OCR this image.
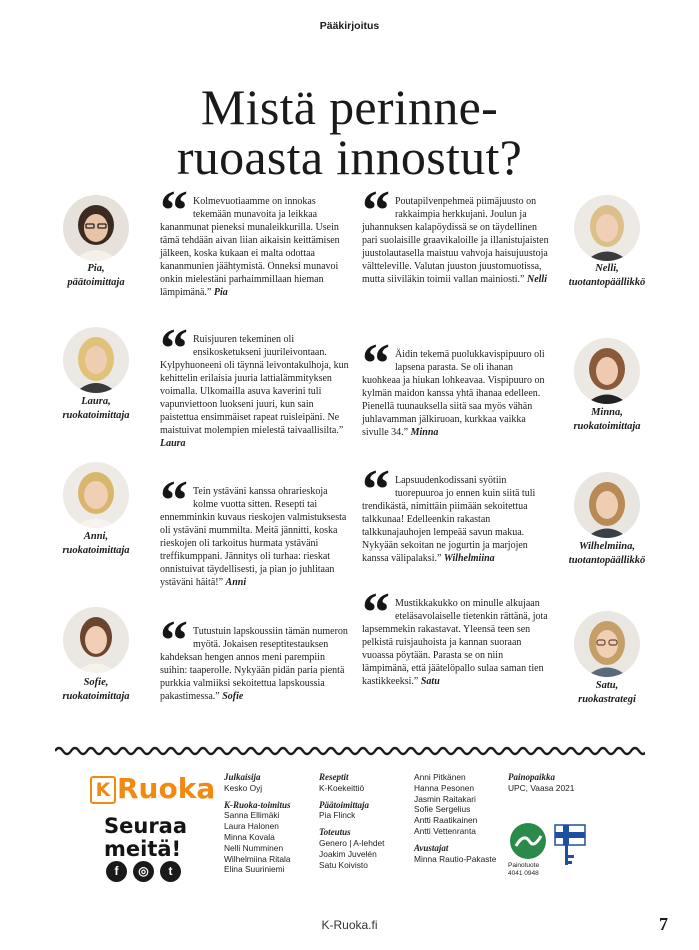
Pääkirjoitus
Mistä perinne-
ruoasta innostut?
Pia,
päätoimittaja
Laura,
ruokatoimittaja
Anni,
ruokatoimittaja
Sofie,
ruokatoimittaja
Nelli,
tuotantopäällikkö
Minna,
ruokatoimittaja
Wilhelmiina,
tuotantopäällikkö
Satu,
ruokastrategi
“ Kolmevuotiaamme on innokas tekemään munavoita ja leikkaa kananmunat pieneksi munaleikkurilla. Usein tämä tehdään aivan liian aikaisin keittämisen jälkeen, koska kukaan ei malta odottaa kananmunien jäähtymistä. Onneksi munavoi onkin mielestäni parhaimmillaan hieman lämpimänä.” Pia
“ Ruisjuuren tekeminen oli ensikosketukseni juurileivontaan. Kylpyhuoneeni oli täynnä leivontakulhoja, kun kehittelin erilaisia juuria lattialämmityksen voimalla. Ulkomailla asuva kaverini tuli vapunviettoon luokseni juuri, kun sain paistettua ensimmäiset rapeat ruisleipäni. Ne maistuivat molempien mielestä taivaallisilta.” Laura
“ Tein ystäväni kanssa ohrarieskoja kolme vuotta sitten. Resepti tai ennemminkin kuvaus rieskojen valmistuksesta oli ystäväni mummilta. Meitä jännitti, koska rieskojen oli tarkoitus hurmata ystäväni treffikumppani. Jännitys oli turhaa: rieskat onnistuivat täydellisesti, ja pian jo juhlitaan ystäväni häitä!” Anni
“ Tutustuin lapskoussiin tämän numeron myötä. Jokaisen reseptitestauksen kahdeksan hengen annos meni parempiin suihin: taaperolle. Nykyään pidän paria pientä purkkia valmiiksi sekoitettua lapskoussia pakastimessa.” Sofie
“ Poutapilvenpehmeä piimäjuusto on rakkaimpia herkkujani. Joulun ja juhannuksen kalapöydissä se on täydellinen pari suolaisille graavikaloille ja illanistujaisten juustolautasella maistuu vahvoja haisujuustoja vältteleville. Valutan juuston juustomuotissa, mutta siiviläkin toimii vallan mainiosti.” Nelli
“ Äidin tekemä puolukkavispipuuro oli lapsena parasta. Se oli ihanan kuohkeaa ja hiukan lohkeavaa. Vispipuuro on kylmän maidon kanssa yhtä ihanaa edelleen. Pienellä tuunauksella siitä saa myös vähän juhlavamman jälkiruoan, kurkkaa vaikka sivulle 34.” Minna
“ Lapsuudenkodissani syötiin tuorepuuroa jo ennen kuin siitä tuli trendikästä, nimittäin piimään sekoitettua talkkunaa! Edelleenkin rakastan talkkunajauhojen lempeää savun makua. Nykyään sekoitan ne jogurtin ja marjojen kanssa välipalaksi.” Wilhelmiina
“ Mustikkakukko on minulle alkujaan eteläsavolaiselle tietenkin rättänä, jota lapsemmekin rakastavat. Yleensä teen sen pelkistä ruisjauhoista ja kannan suoraan vuoassa pöytään. Parasta se on niin lämpimänä, että jäätelöpallo sulaa saman tien kastikkeeksi.” Satu
K Ruoka
Seuraa meitä!
f	◎	t
Julkaisija
Kesko Oyj
K-Ruoka-toimitus
Sanna Ellimäki
Laura Halonen
Minna Kovala
Nelli Numminen
Wilhelmiina Ritala
Elina Suuriniemi
Reseptit
K-Koekeittiö
Päätoimittaja
Pia Flinck
Toteutus
Genero | A-lehdet
Joakim Juvelén
Satu Koivisto
Anni Pitkänen
Hanna Pesonen
Jasmin Raitakari
Sofie Sergelius
Antti Raatikainen
Antti Vettenranta
Avustajat
Minna Rautio-Pakaste
Painopaikka
UPC, Vaasa 2021
Painotuote
4041 0948
K-Ruoka.fi	7
